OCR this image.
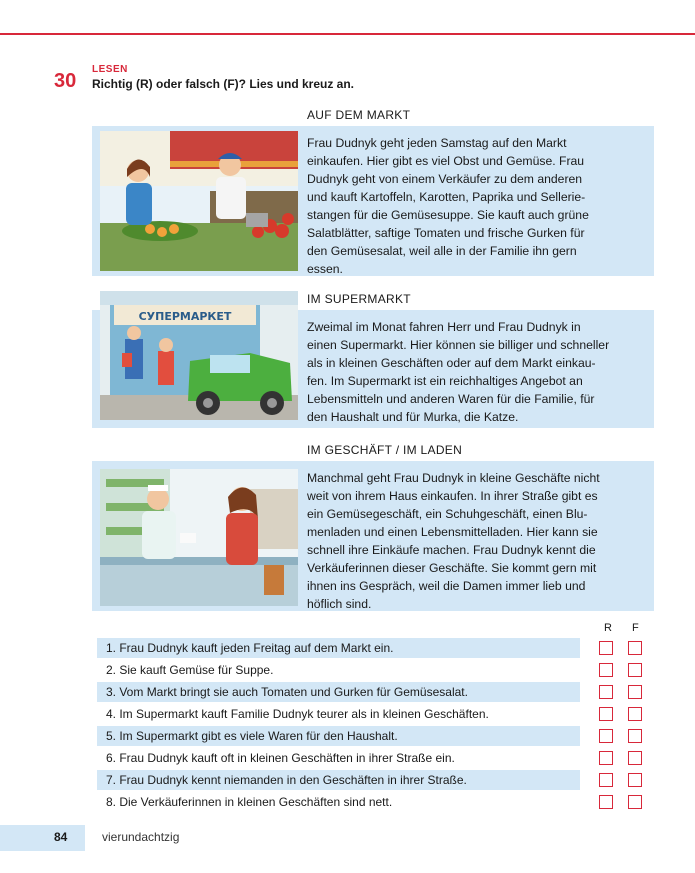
30
LESEN
Richtig (R) oder falsch (F)? Lies und kreuz an.
AUF DEM MARKT

Frau Dudnyk geht jeden Samstag auf den Markt
einkaufen. Hier gibt es viel Obst und Gemüse. Frau
Dudnyk geht von einem Verkäufer zu dem anderen
und kauft Kartoffeln, Karotten, Paprika und Sellerie-
stangen für die Gemüsesuppe. Sie kauft auch grüne
Salatblätter, saftige Tomaten und frische Gurken für
den Gemüsesalat, weil alle in der Familie ihn gern
essen.

IM SUPERMARKT
СУПЕРМАРКЕТ

Zweimal im Monat fahren Herr und Frau Dudnyk in
einen Supermarkt. Hier können sie billiger und schneller
als in kleinen Geschäften oder auf dem Markt einkau-
fen. Im Supermarkt ist ein reichhaltiges Angebot an
Lebensmitteln und anderen Waren für die Familie, für
den Haushalt und für Murka, die Katze.

IM GESCHÄFT / IM LADEN

Manchmal geht Frau Dudnyk in kleine Geschäfte nicht
weit von ihrem Haus einkaufen. In ihrer Straße gibt es
ein Gemüsegeschäft, ein Schuhgeschäft, einen Blu-
menladen und einen Lebensmittelladen. Hier kann sie
schnell ihre Einkäufe machen. Frau Dudnyk kennt die
Verkäuferinnen dieser Geschäfte. Sie kommt gern mit
ihnen ins Gespräch, weil die Damen immer lieb und
höflich sind.

R F
1. Frau Dudnyk kauft jeden Freitag auf dem Markt ein.
2. Sie kauft Gemüse für Suppe.
3. Vom Markt bringt sie auch Tomaten und Gurken für Gemüsesalat.
4. Im Supermarkt kauft Familie Dudnyk teurer als in kleinen Geschäften.
5. Im Supermarkt gibt es viele Waren für den Haushalt.
6. Frau Dudnyk kauft oft in kleinen Geschäften in ihrer Straße ein.
7. Frau Dudnyk kennt niemanden in den Geschäften in ihrer Straße.
8. Die Verkäuferinnen in kleinen Geschäften sind nett.
84	vierundachtzig
